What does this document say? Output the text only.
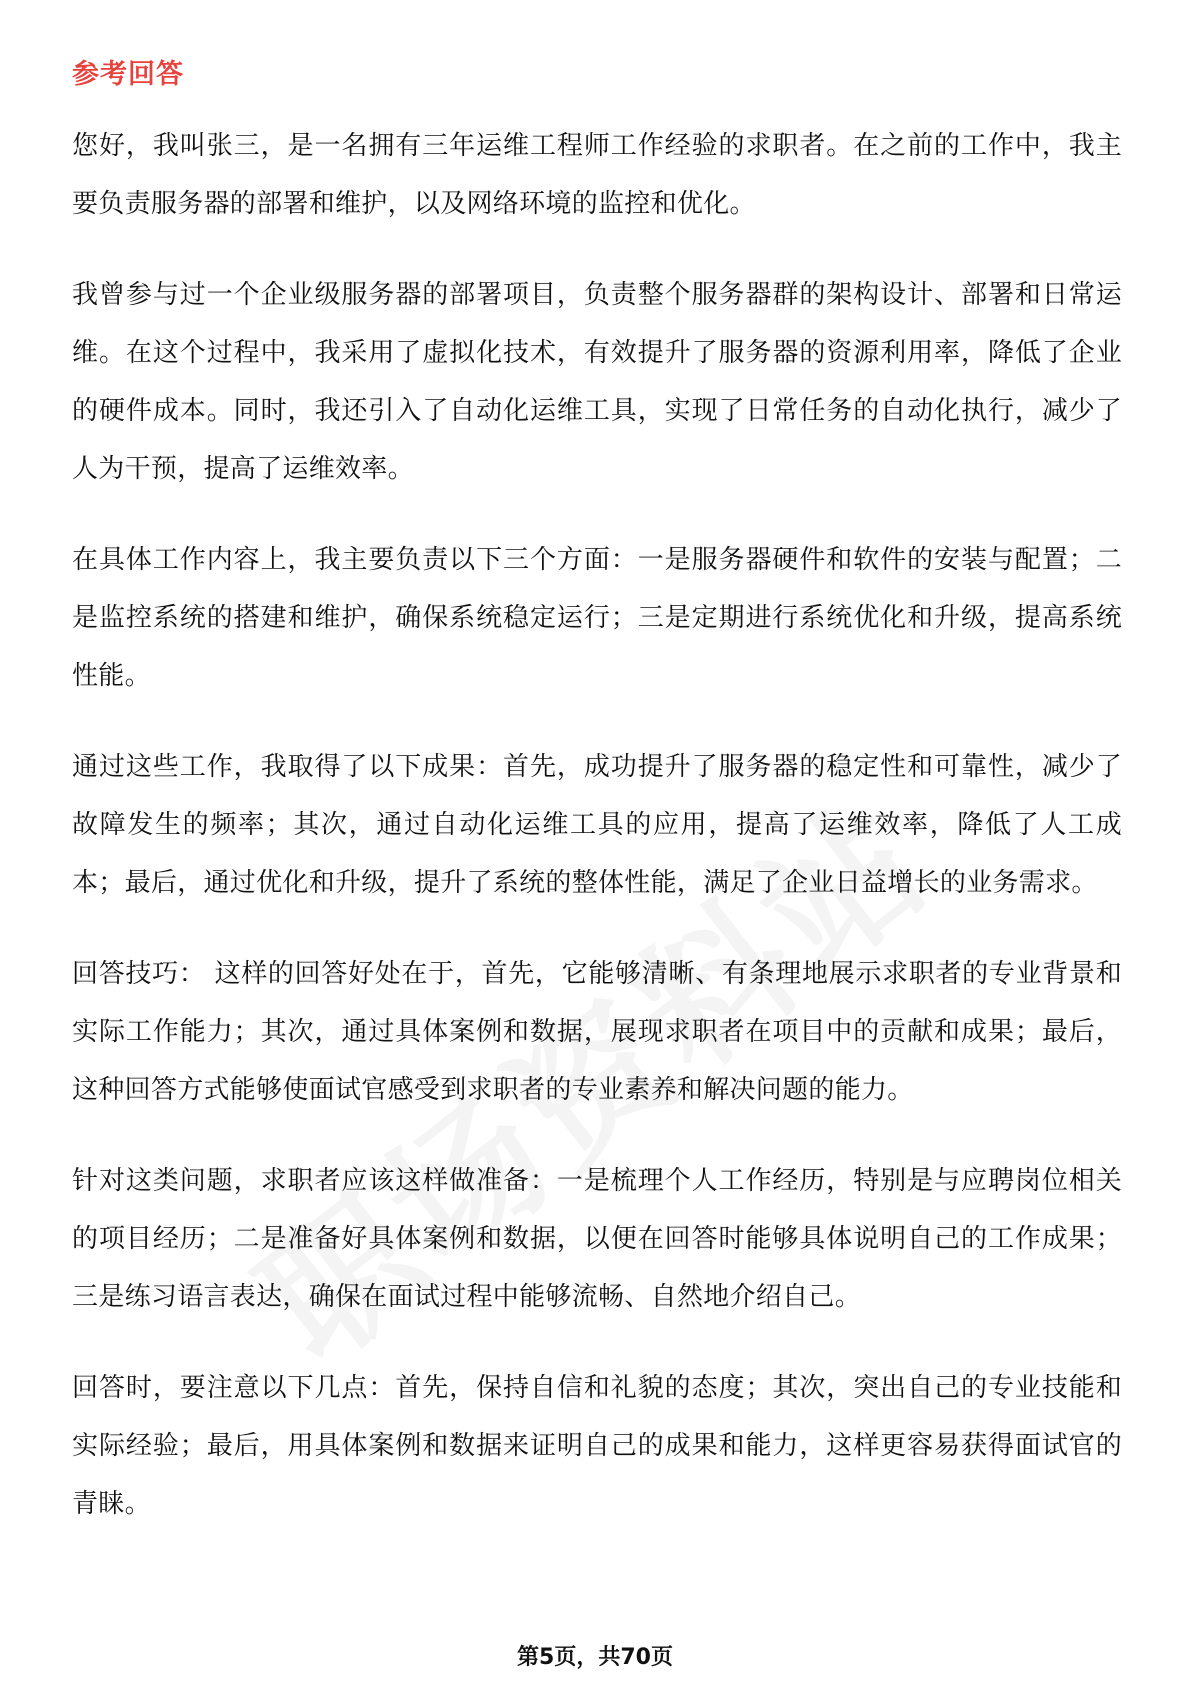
参考回答

您好，我叫张三，是一名拥有三年运维工程师工作经验的求职者。在之前的工作中，我主要负责服务器的部署和维护，以及网络环境的监控和优化。

我曾参与过一个企业级服务器的部署项目，负责整个服务器群的架构设计、部署和日常运维。在这个过程中，我采用了虚拟化技术，有效提升了服务器的资源利用率，降低了企业的硬件成本。同时，我还引入了自动化运维工具，实现了日常任务的自动化执行，减少了人为干预，提高了运维效率。

在具体工作内容上，我主要负责以下三个方面：一是服务器硬件和软件的安装与配置；二是监控系统的搭建和维护，确保系统稳定运行；三是定期进行系统优化和升级，提高系统性能。

通过这些工作，我取得了以下成果：首先，成功提升了服务器的稳定性和可靠性，减少了故障发生的频率；其次，通过自动化运维工具的应用，提高了运维效率，降低了人工成本；最后，通过优化和升级，提升了系统的整体性能，满足了企业日益增长的业务需求。

回答技巧： 这样的回答好处在于，首先，它能够清晰、有条理地展示求职者的专业背景和实际工作能力；其次，通过具体案例和数据，展现求职者在项目中的贡献和成果；最后，这种回答方式能够使面试官感受到求职者的专业素养和解决问题的能力。

针对这类问题，求职者应该这样做准备：一是梳理个人工作经历，特别是与应聘岗位相关的项目经历；二是准备好具体案例和数据，以便在回答时能够具体说明自己的工作成果；三是练习语言表达，确保在面试过程中能够流畅、自然地介绍自己。

回答时，要注意以下几点：首先，保持自信和礼貌的态度；其次，突出自己的专业技能和实际经验；最后，用具体案例和数据来证明自己的成果和能力，这样更容易获得面试官的青睐。

第5页，共70页
